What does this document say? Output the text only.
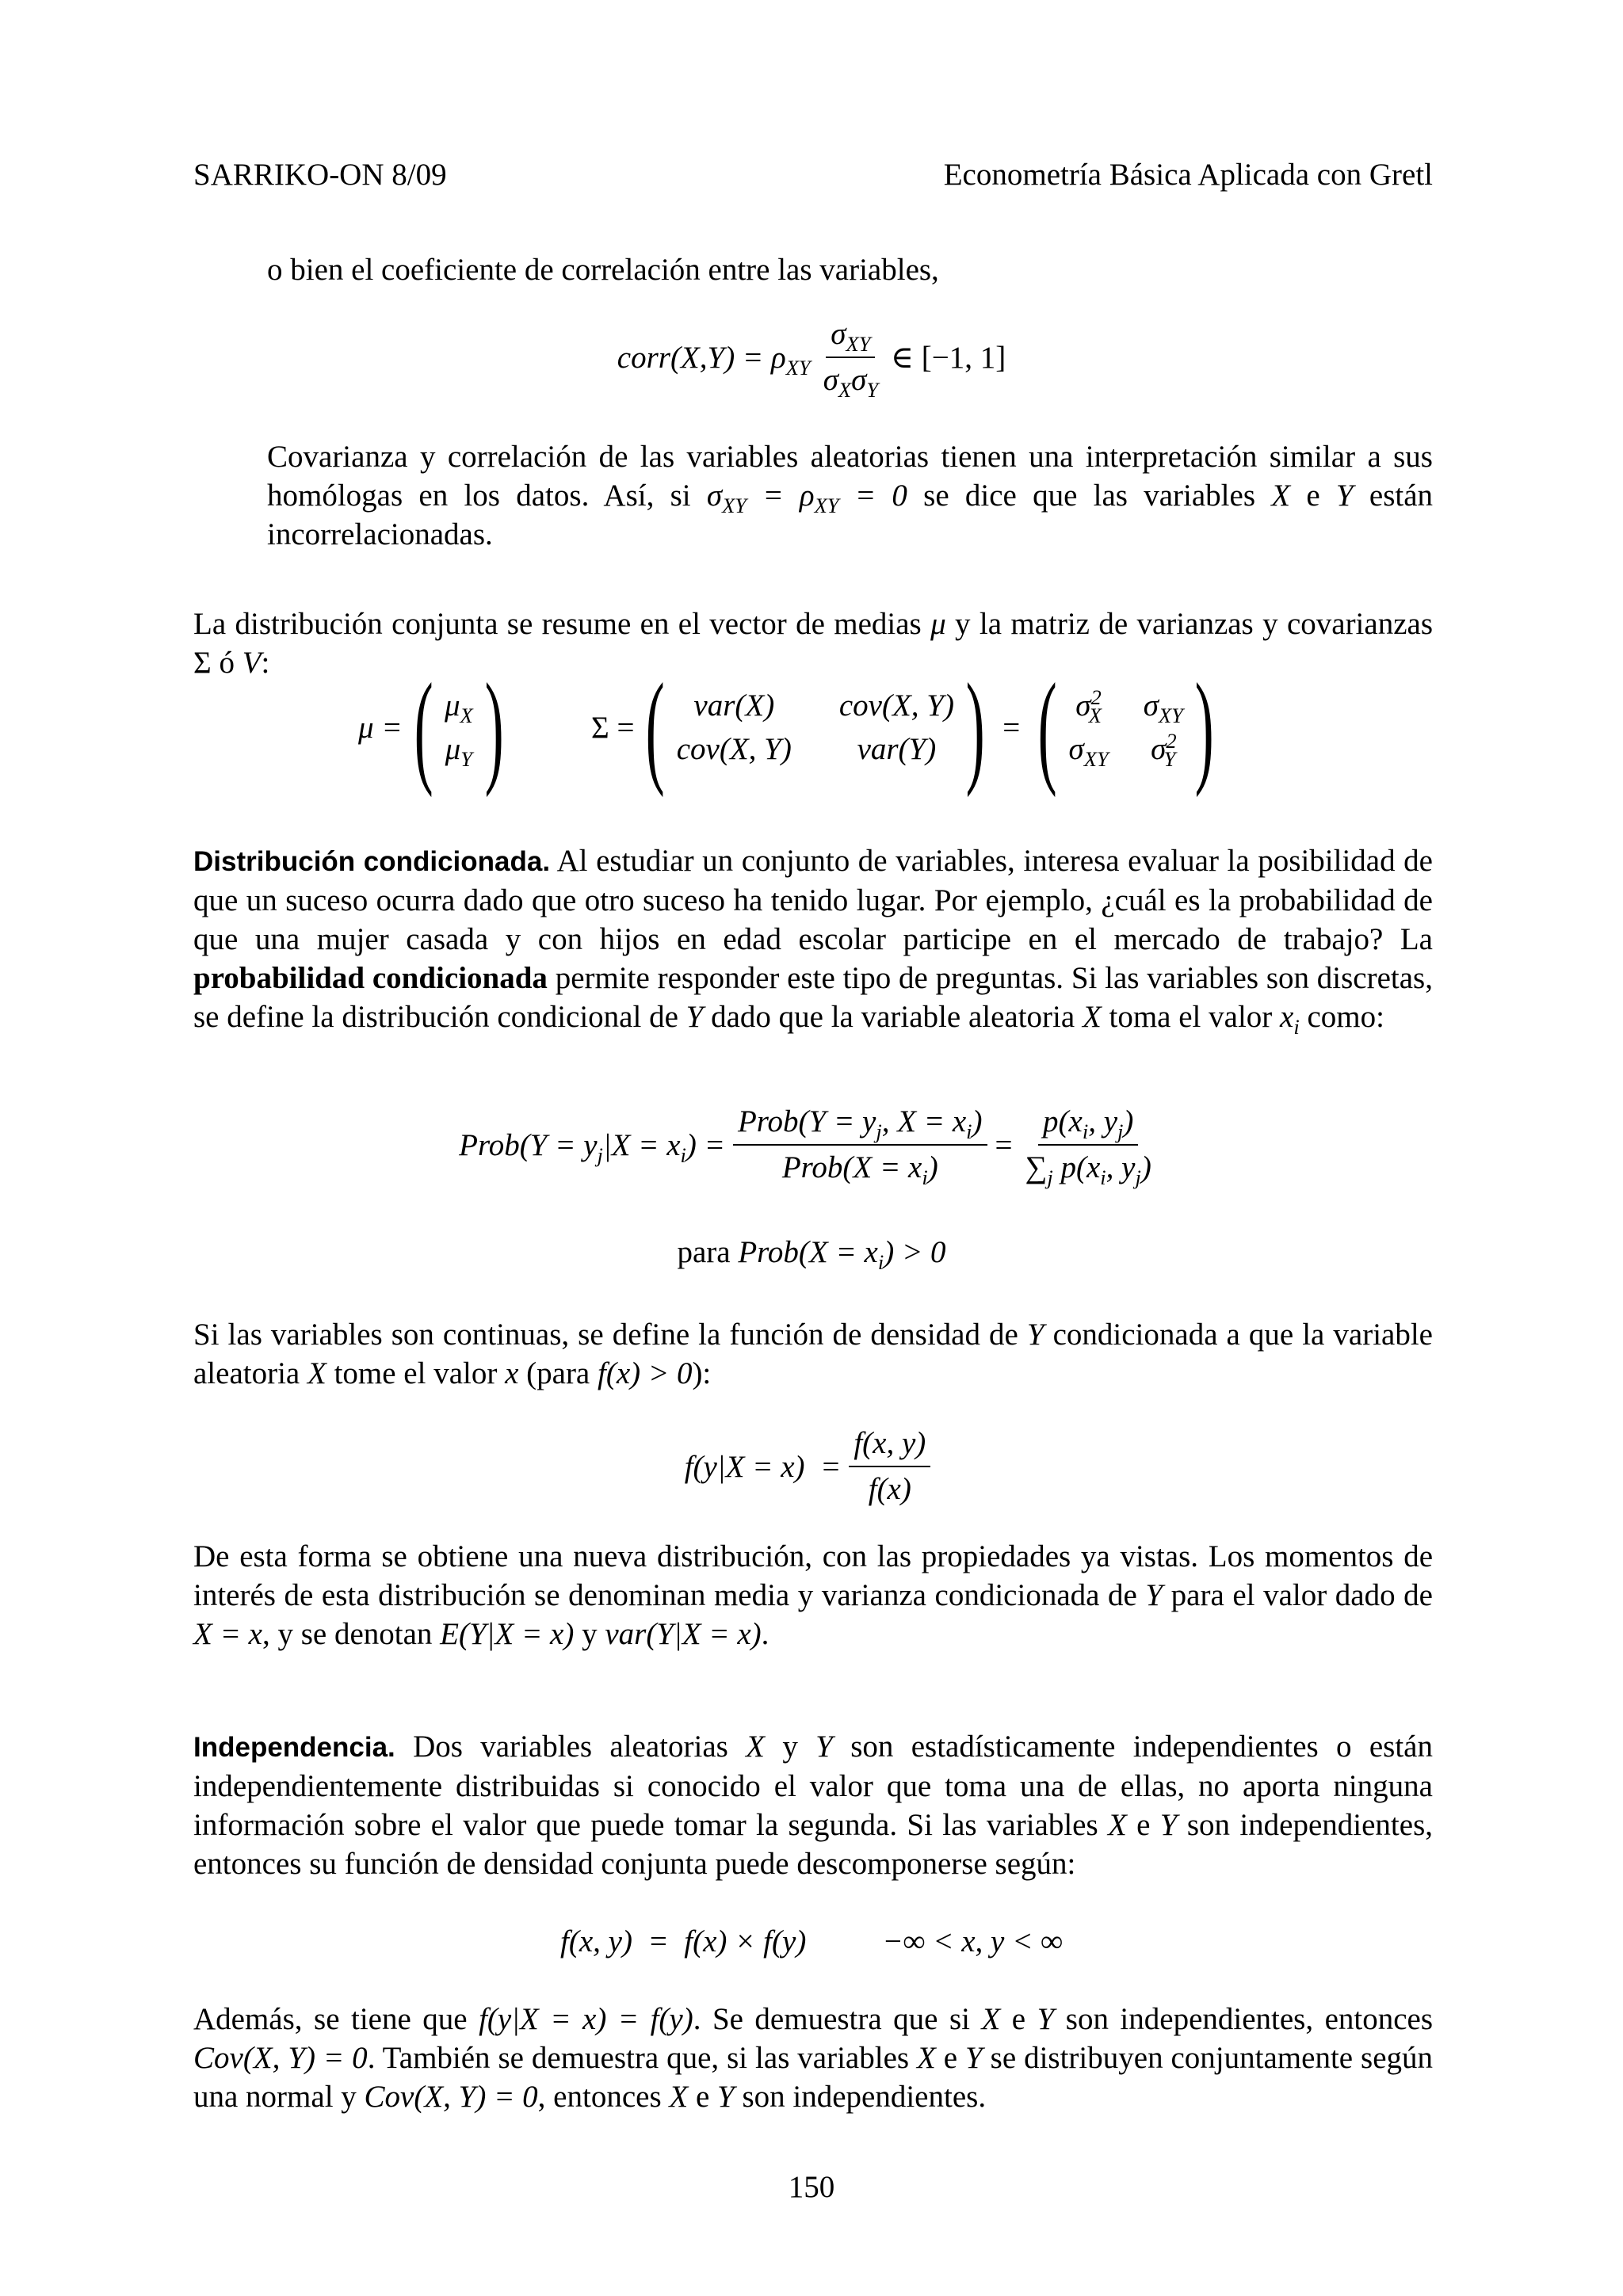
SARRIKO-ON 8/09	Econometría Básica Aplicada con Gretl
o bien el coeficiente de correlación entre las variables,
corr(X,Y) = $\rho_{XY} \frac{\sigma_{XY}}{\sigma_X\sigma_Y}$ ∈ [−1, 1]
Covarianza y correlación de las variables aleatorias tienen una interpretación similar a sus homólogas en los datos. Así, si $\sigma_{XY} = \rho_{XY} = 0$ se dice que las variables X e Y están incorrelacionadas.
La distribución conjunta se resume en el vector de medias μ y la matriz de varianzas y covarianzas Σ ó V:
μ = ( $\mu_X$
$\mu_Y$ )	Σ = ( var(X)	cov(X, Y)
cov(X, Y)	var(Y) ) = ( $\sigma^2_X$ $\sigma_{XY}$
$\sigma_{XY}$ $\sigma^2_Y$ )
Distribución condicionada. Al estudiar un conjunto de variables, interesa evaluar la posibilidad de que un suceso ocurra dado que otro suceso ha tenido lugar. Por ejemplo, ¿cuál es la probabilidad de que una mujer casada y con hijos en edad escolar participe en el mercado de trabajo? La probabilidad condicionada permite responder este tipo de preguntas. Si las variables son discretas, se define la distribución condicional de Y dado que la variable aleatoria X toma el valor $x_i$ como:
Prob(Y = $y_j|X = x_i) = \frac{Prob(Y = y_j, X = x_i)}{Prob(X = x_i)} = \frac{p(x_i, y_j)}{\sum_j p(x_i, y_j)}$
para Prob(X = $x_i) > 0$
Si las variables son continuas, se define la función de densidad de Y condicionada a que la variable aleatoria X tome el valor x (para f(x) > 0):
$f(y|X = x) = \frac{f(x, y)}{f(x)}$
De esta forma se obtiene una nueva distribución, con las propiedades ya vistas. Los momentos de interés de esta distribución se denominan media y varianza condicionada de Y para el valor dado de X = x, y se denotan E(Y|X = x) y var(Y|X = x).
Independencia. Dos variables aleatorias X y Y son estadísticamente independientes o están independientemente distribuidas si conocido el valor que toma una de ellas, no aporta ninguna información sobre el valor que puede tomar la segunda. Si las variables X e Y son independientes, entonces su función de densidad conjunta puede descomponerse según:
f(x, y)  =  f(x) × f(y) −∞ < x, y < ∞
Además, se tiene que f(y|X = x) = f(y). Se demuestra que si X e Y son independientes, entonces Cov(X, Y) = 0. También se demuestra que, si las variables X e Y se distribuyen conjuntamente según una normal y Cov(X, Y) = 0, entonces X e Y son independientes.
150
